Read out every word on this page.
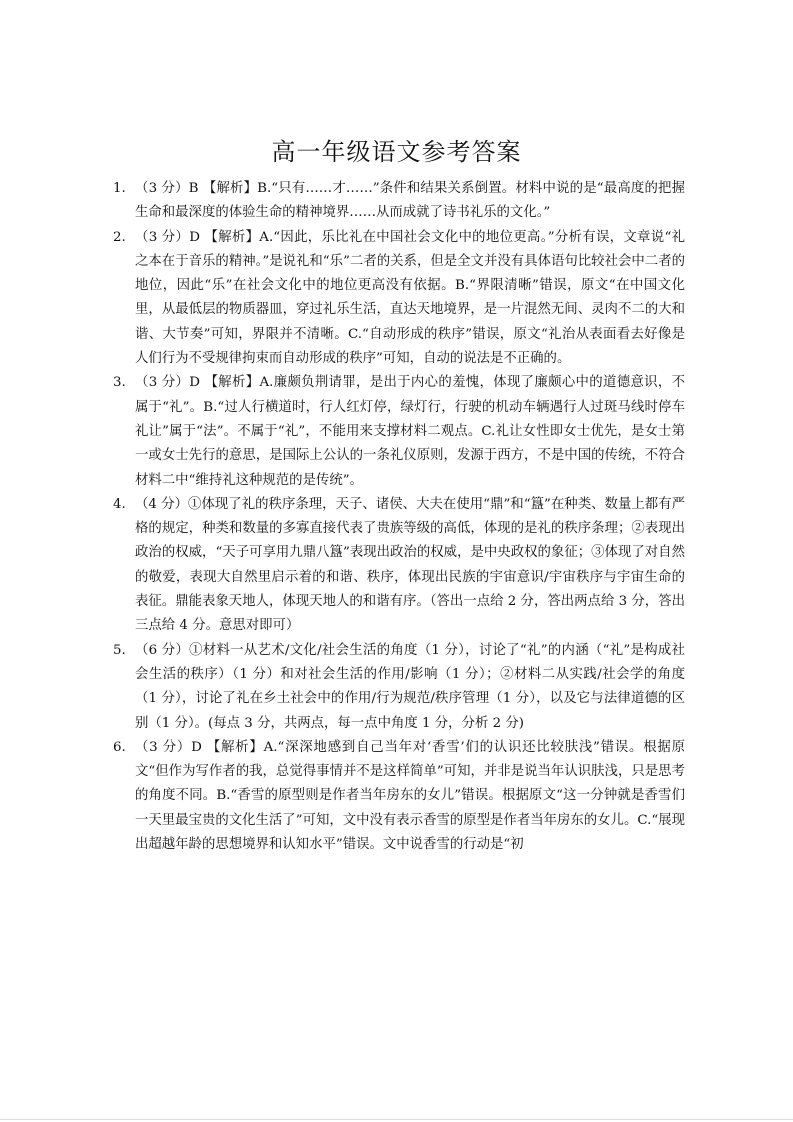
高一年级语文参考答案
1. （3 分）B 【解析】B.“只有……才……”条件和结果关系倒置。材料中说的是“最高度的把握生命和最深度的体验生命的精神境界……从而成就了诗书礼乐的文化。”
2. （3 分）D 【解析】A.“因此，乐比礼在中国社会文化中的地位更高。”分析有误，文章说“礼之本在于音乐的精神。”是说礼和“乐”二者的关系，但是全文并没有具体语句比较社会中二者的地位，因此“乐”在社会文化中的地位更高没有依据。B.“界限清晰”错误，原文“在中国文化里，从最低层的物质器皿，穿过礼乐生活，直达天地境界，是一片混然无间、灵肉不二的大和谐、大节奏”可知，界限并不清晰。C.“自动形成的秩序”错误，原文“礼治从表面看去好像是人们行为不受规律拘束而自动形成的秩序”可知，自动的说法是不正确的。
3. （3 分）D 【解析】A.廉颇负荆请罪，是出于内心的羞愧，体现了廉颇心中的道德意识，不属于“礼”。B.“过人行横道时，行人红灯停，绿灯行，行驶的机动车辆遇行人过斑马线时停车礼让”属于“法”。不属于“礼”，不能用来支撑材料二观点。C.礼让女性即女士优先，是女士第一或女士先行的意思，是国际上公认的一条礼仪原则，发源于西方，不是中国的传统，不符合材料二中“维持礼这种规范的是传统”。
4. （4 分）①体现了礼的秩序条理，天子、诸侯、大夫在使用“鼎”和“簋”在种类、数量上都有严格的规定，种类和数量的多寡直接代表了贵族等级的高低，体现的是礼的秩序条理；②表现出政治的权威，“天子可享用九鼎八簋”表现出政治的权威，是中央政权的象征；③体现了对自然的敬爱，表现大自然里启示着的和谐、秩序，体现出民族的宇宙意识/宇宙秩序与宇宙生命的表征。鼎能表象天地人，体现天地人的和谐有序。（答出一点给 2 分，答出两点给 3 分，答出三点给 4 分。意思对即可）
5. （6 分）①材料一从艺术/文化/社会生活的角度（1 分），讨论了“礼”的内涵（“礼”是构成社会生活的秩序）（1 分）和对社会生活的作用/影响（1 分）；②材料二从实践/社会学的角度（1 分），讨论了礼在乡土社会中的作用/行为规范/秩序管理（1 分），以及它与法律道德的区别（1 分）。(每点 3 分，共两点，每一点中角度 1 分，分析 2 分)
6. （3 分）D 【解析】A.“深深地感到自己当年对‘香雪’们的认识还比较肤浅”错误。根据原文“但作为写作者的我，总觉得事情并不是这样简单”可知，并非是说当年认识肤浅，只是思考的角度不同。B.“香雪的原型则是作者当年房东的女儿”错误。根据原文“这一分钟就是香雪们一天里最宝贵的文化生活了”可知，文中没有表示香雪的原型是作者当年房东的女儿。C.“展现出超越年龄的思想境界和认知水平”错误。文中说香雪的行动是“初
